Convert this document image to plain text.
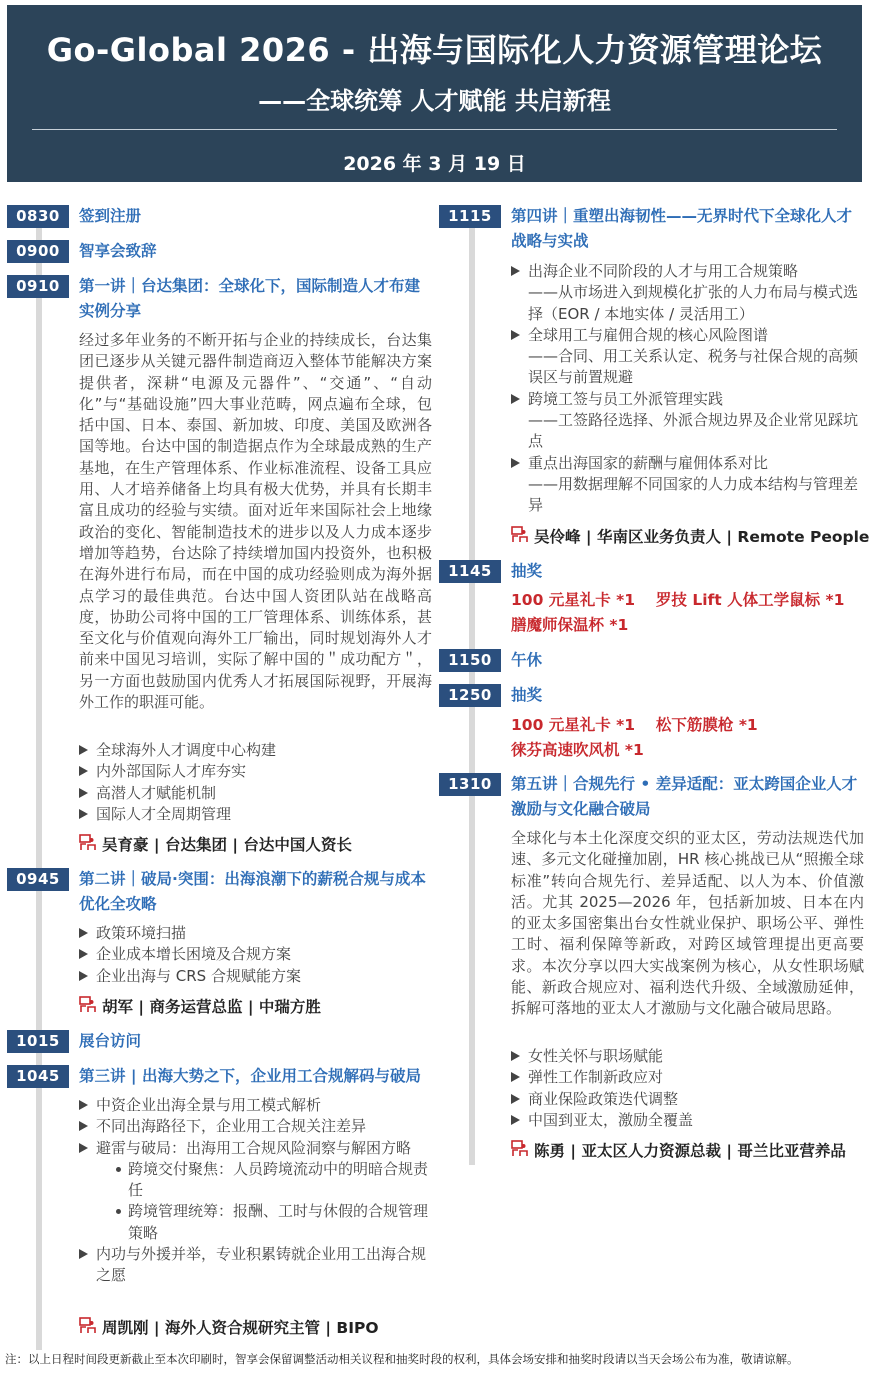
Go-Global 2026 - 出海与国际化人力资源管理论坛
——全球统筹 人才赋能 共启新程
2026 年 3 月 19 日
0830	签到注册
0900	智享会致辞
0910	第一讲｜台达集团：全球化下，国际制造人才布建实例分享
经过多年业务的不断开拓与企业的持续成长，台达集团已逐步从关键元器件制造商迈入整体节能解决方案提供者，深耕“电源及元器件”、“交通”、“自动化”与“基础设施”四大事业范畴，网点遍布全球，包括中国、日本、泰国、新加坡、印度、美国及欧洲各国等地。台达中国的制造据点作为全球最成熟的生产基地，在生产管理体系、作业标准流程、设备工具应用、人才培养储备上均具有极大优势，并具有长期丰富且成功的经验与实绩。面对近年来国际社会上地缘政治的变化、智能制造技术的进步以及人力成本逐步增加等趋势，台达除了持续增加国内投资外，也积极在海外进行布局，而在中国的成功经验则成为海外据点学习的最佳典范。台达中国人资团队站在战略高度，协助公司将中国的工厂管理体系、训练体系，甚至文化与价值观向海外工厂输出，同时规划海外人才前来中国见习培训，实际了解中国的＂成功配方＂，另一方面也鼓励国内优秀人才拓展国际视野，开展海外工作的职涯可能。
全球海外人才调度中心构建
内外部国际人才库夯实
高潜人才赋能机制
国际人才全周期管理
吴育豪 | 台达集团 | 台达中国人资长
0945	第二讲｜破局·突围：出海浪潮下的薪税合规与成本优化全攻略
政策环境扫描
企业成本增长困境及合规方案
企业出海与 CRS 合规赋能方案
胡军 | 商务运营总监 | 中瑞方胜
1015	展台访问
1045	第三讲 | 出海大势之下，企业用工合规解码与破局
中资企业出海全景与用工模式解析
不同出海路径下，企业用工合规关注差异
避雷与破局：出海用工合规风险洞察与解困方略
跨境交付聚焦：人员跨境流动中的明暗合规责任
跨境管理统筹：报酬、工时与休假的合规管理策略
内功与外援并举，专业积累铸就企业用工出海合规之愿
周凯刚 | 海外人资合规研究主管 | BIPO
1115	第四讲｜重塑出海韧性——无界时代下全球化人才战略与实战
出海企业不同阶段的人才与用工合规策略
——从市场进入到规模化扩张的人力布局与模式选择（EOR / 本地实体 / 灵活用工）
全球用工与雇佣合规的核心风险图谱
——合同、用工关系认定、税务与社保合规的高频误区与前置规避
跨境工签与员工外派管理实践
——工签路径选择、外派合规边界及企业常见踩坑点
重点出海国家的薪酬与雇佣体系对比
——用数据理解不同国家的人力成本结构与管理差异
吴伶峰 | 华南区业务负责人 | Remote People
1145	抽奖
100 元星礼卡 *1　 罗技 Lift 人体工学鼠标 *1
膳魔师保温杯 *1
1150	午休
1250	抽奖
100 元星礼卡 *1　 松下筋膜枪 *1
徕芬高速吹风机 *1
1310	第五讲｜合规先行 • 差异适配：亚太跨国企业人才激励与文化融合破局
全球化与本土化深度交织的亚太区，劳动法规迭代加速、多元文化碰撞加剧，HR 核心挑战已从“照搬全球标准”转向合规先行、差异适配、以人为本、价值激活。尤其 2025—2026 年，包括新加坡、日本在内的亚太多国密集出台女性就业保护、职场公平、弹性工时、福利保障等新政，对跨区域管理提出更高要求。本次分享以四大实战案例为核心，从女性职场赋能、新政合规应对、福利迭代升级、全域激励延伸，拆解可落地的亚太人才激励与文化融合破局思路。
女性关怀与职场赋能
弹性工作制新政应对
商业保险政策迭代调整
中国到亚太，激励全覆盖
陈勇 | 亚太区人力资源总裁 | 哥兰比亚营养品
注：以上日程时间段更新截止至本次印刷时，智享会保留调整活动相关议程和抽奖时段的权利，具体会场安排和抽奖时段请以当天会场公布为准，敬请谅解。
